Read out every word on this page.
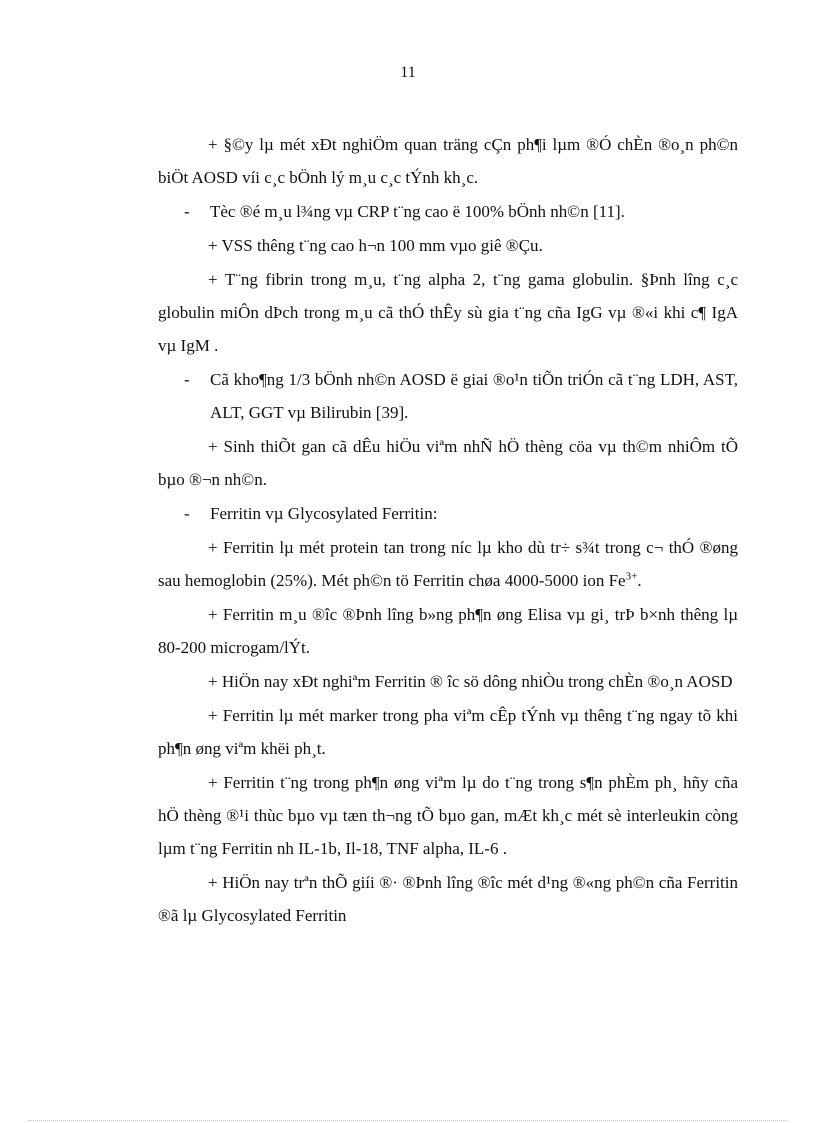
11

+ §©y lµ mét xÐt nghiÖm quan träng cÇn ph¶i lµm ®Ó chÈn ®o¸n ph©n biÖt AOSD víi c¸c bÖnh lý m¸u c¸c tÝnh kh¸c.

- Tèc ®é m¸u l¾ng vµ CRP t¨ng cao ë 100% bÖnh nh©n [11].

+ VSS thêng t¨ng cao h¬n 100 mm vµo giê ®Çu.

+ T¨ng fibrin trong m¸u, t¨ng alpha 2, t¨ng gama globulin. §Þnh lîng c¸c globulin miÔn dÞch trong m¸u cã thÓ thÊy sù gia t¨ng cña IgG vµ ®«i khi c¶ IgA vµ IgM .

- Cã kho¶ng 1/3 bÖnh nh©n AOSD ë giai ®o¹n tiÕn triÓn cã t¨ng LDH, AST, ALT, GGT vµ Bilirubin [39].

+ Sinh thiÕt gan cã dÊu hiÖu viªm nhÑ hÖ thèng cöa vµ th©m nhiÔm tÕ bµo ®¬n nh©n.

- Ferritin vµ Glycosylated Ferritin:

+ Ferritin lµ mét protein tan trong níc lµ kho dù tr÷ s¾t trong c¬ thÓ ®øng sau hemoglobin (25%). Mét ph©n tö Ferritin chøa 4000-5000 ion $Fe^{3+}$.

+ Ferritin m¸u ®îc ®Þnh lîng b»ng ph¶n øng Elisa vµ gi¸ trÞ b×nh thêng lµ 80-200 microgam/lÝt.

+ HiÖn nay xÐt nghiªm Ferritin ® îc sö dông nhiÒu trong chÈn ®o¸n AOSD

+ Ferritin lµ mét marker trong pha viªm cÊp tÝnh vµ thêng t¨ng ngay tõ khi ph¶n øng viªm khëi ph¸t.

+ Ferritin t¨ng trong ph¶n øng viªm lµ do t¨ng trong s¶n phÈm ph¸ hñy cña hÖ thèng ®¹i thùc bµo vµ tæn th¬ng tÕ bµo gan, mÆt kh¸c mét sè interleukin còng lµm t¨ng Ferritin nh IL-1b, Il-18, TNF alpha, IL-6 .

+ HiÖn nay trªn thÕ giíi ®· ®Þnh lîng ®îc mét d¹ng ®«ng ph©n cña Ferritin ®ã lµ Glycosylated Ferritin
